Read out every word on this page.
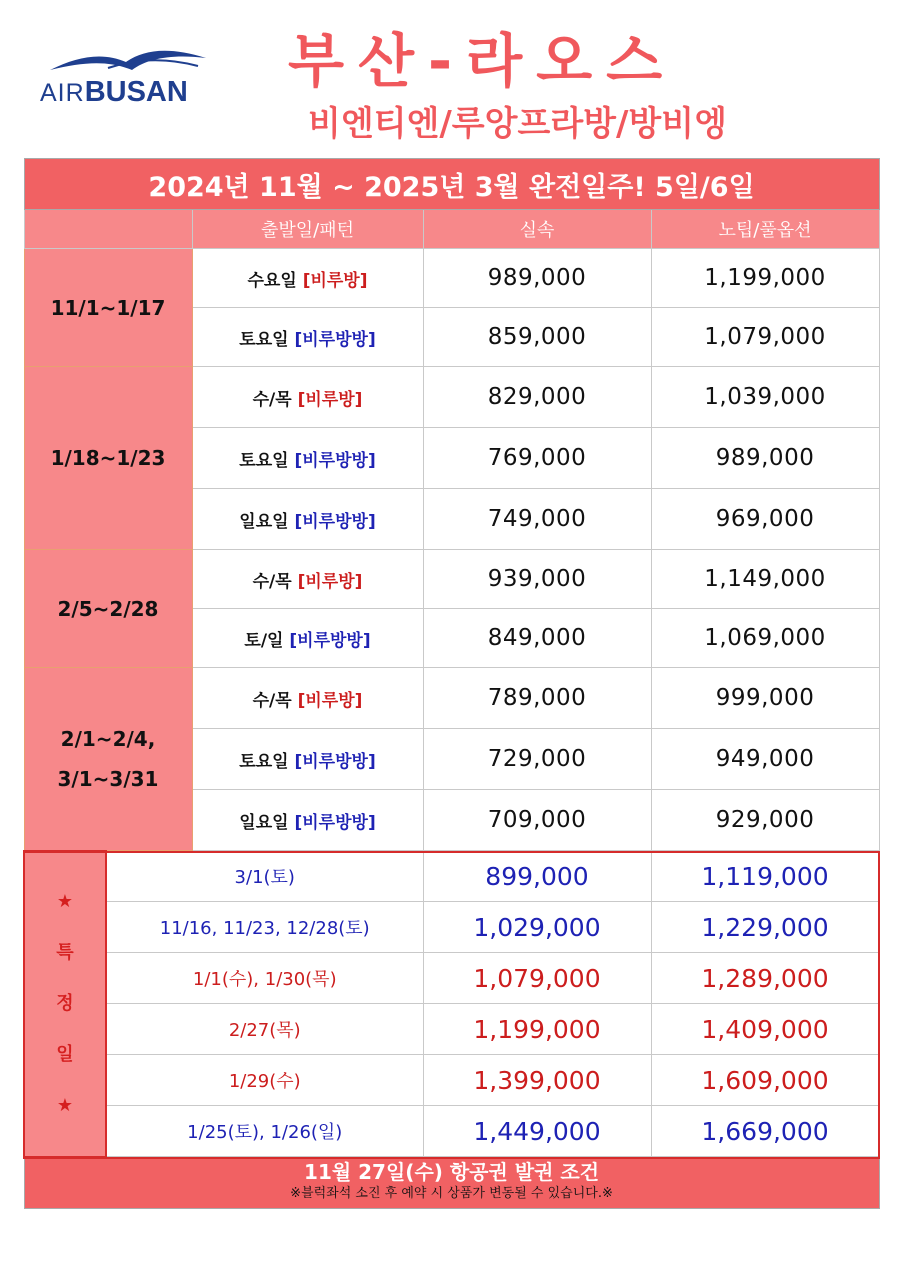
AIRBUSAN 부산-라오스
비엔티엔/루앙프라방/방비엥
2024년 11월 ~ 2025년 3월 완전일주! 5일/6일				
		출발일/패턴	실속	노팁/풀옵션
11/1~1/17		수요일 [비루방]	989,000	1,199,000
		토요일 [비루방방]	859,000	1,079,000
1/18~1/23		수/목 [비루방]	829,000	1,039,000
		토요일 [비루방방]	769,000	989,000
		일요일 [비루방방]	749,000	969,000
2/5~2/28		수/목 [비루방]	939,000	1,149,000
		토/일 [비루방방]	849,000	1,069,000
2/1~2/4,
3/1~3/31		수/목 [비루방]	789,000	999,000
		토요일 [비루방방]	729,000	949,000
		일요일 [비루방방]	709,000	929,000
★
특
정
일
★	3/1(토)		899,000	1,119,000
	11/16, 11/23, 12/28(토)		1,029,000	1,229,000
	1/1(수), 1/30(목)		1,079,000	1,289,000
	2/27(목)		1,199,000	1,409,000
	1/29(수)		1,399,000	1,609,000
	1/25(토), 1/26(일)		1,449,000	1,669,000

11월 27일(수) 항공권 발권 조건
※블럭좌석 소진 후 예약 시 상품가 변동될 수 있습니다.※				
